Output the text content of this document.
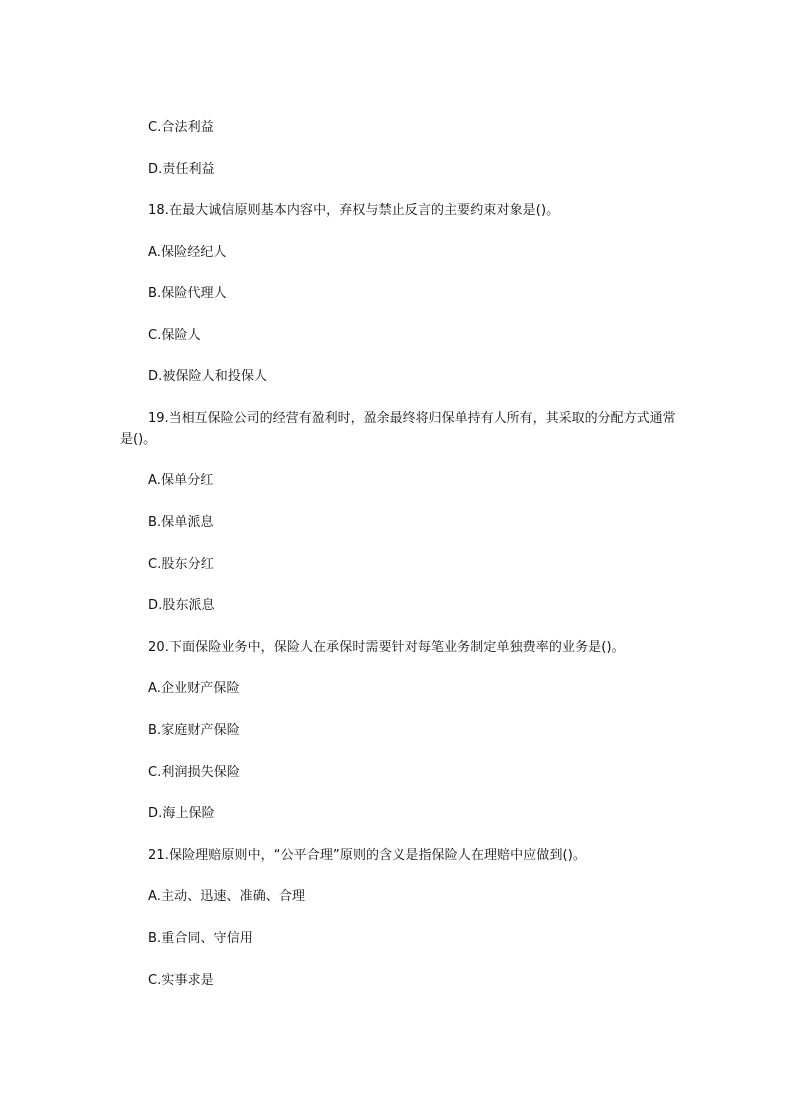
C.合法利益
D.责任利益
18.在最大诚信原则基本内容中，弃权与禁止反言的主要约束对象是()。
A.保险经纪人
B.保险代理人
C.保险人
D.被保险人和投保人
19.当相互保险公司的经营有盈利时，盈余最终将归保单持有人所有，其采取的分配方式通常是()。
A.保单分红
B.保单派息
C.股东分红
D.股东派息
20.下面保险业务中，保险人在承保时需要针对每笔业务制定单独费率的业务是()。
A.企业财产保险
B.家庭财产保险
C.利润损失保险
D.海上保险
21.保险理赔原则中，“公平合理”原则的含义是指保险人在理赔中应做到()。
A.主动、迅速、准确、合理
B.重合同、守信用
C.实事求是
